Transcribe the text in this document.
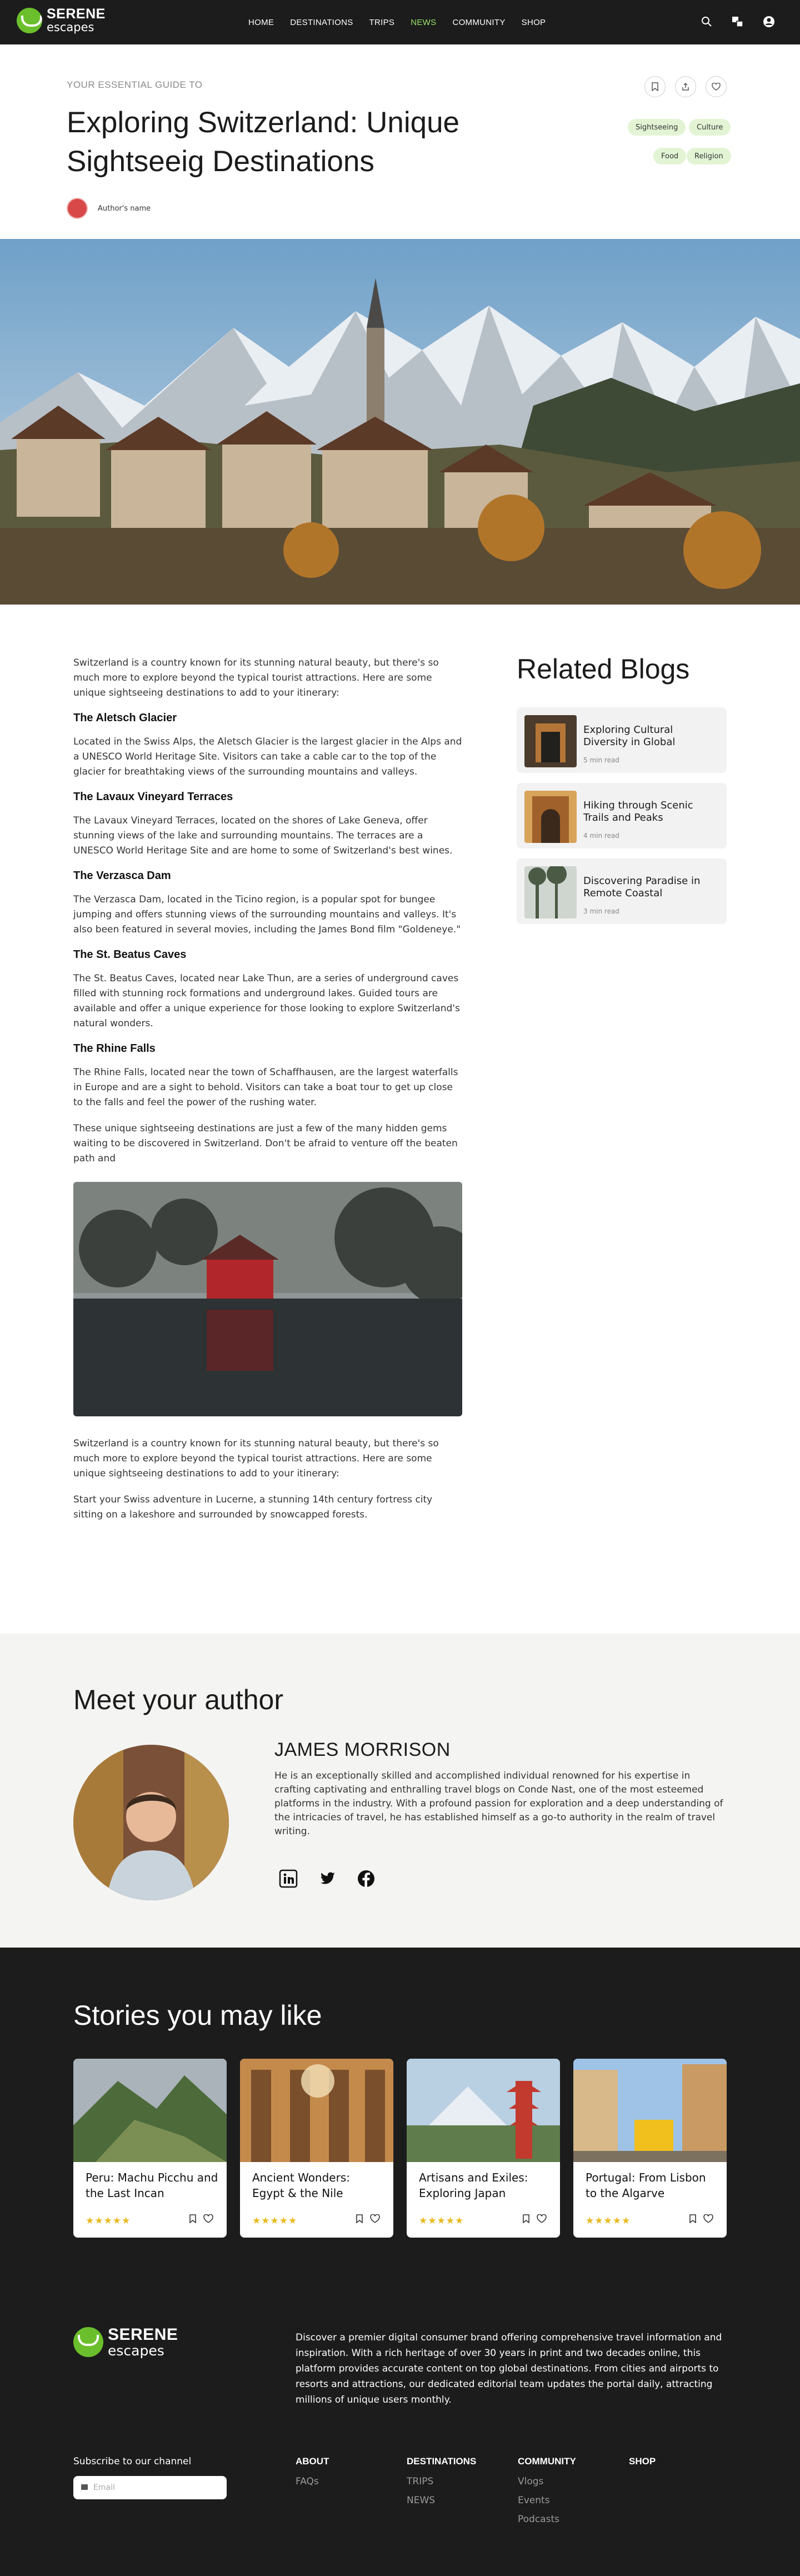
SERENE
escapes	HOME DESTINATIONS TRIPS NEWS COMMUNITY SHOP
YOUR ESSENTIAL GUIDE TO
Exploring Switzerland: Unique Sightseeig Destinations
Author's name
Sightseeing	Culture
Food	Religion

Switzerland is a country known for its stunning natural beauty, but there's so much more to explore beyond the typical tourist attractions. Here are some unique sightseeing destinations to add to your itinerary:

The Aletsch Glacier

Located in the Swiss Alps, the Aletsch Glacier is the largest glacier in the Alps and a UNESCO World Heritage Site. Visitors can take a cable car to the top of the glacier for breathtaking views of the surrounding mountains and valleys.

The Lavaux Vineyard Terraces

The Lavaux Vineyard Terraces, located on the shores of Lake Geneva, offer stunning views of the lake and surrounding mountains. The terraces are a UNESCO World Heritage Site and are home to some of Switzerland's best wines.

The Verzasca Dam

The Verzasca Dam, located in the Ticino region, is a popular spot for bungee jumping and offers stunning views of the surrounding mountains and valleys. It's also been featured in several movies, including the James Bond film "Goldeneye."

The St. Beatus Caves

The St. Beatus Caves, located near Lake Thun, are a series of underground caves filled with stunning rock formations and underground lakes. Guided tours are available and offer a unique experience for those looking to explore Switzerland's natural wonders.

The Rhine Falls

The Rhine Falls, located near the town of Schaffhausen, are the largest waterfalls in Europe and are a sight to behold. Visitors can take a boat tour to get up close to the falls and feel the power of the rushing water.

These unique sightseeing destinations are just a few of the many hidden gems waiting to be discovered in Switzerland. Don't be afraid to venture off the beaten path and

Switzerland is a country known for its stunning natural beauty, but there's so much more to explore beyond the typical tourist attractions. Here are some unique sightseeing destinations to add to your itinerary:

Start your Swiss adventure in Lucerne, a stunning 14th century fortress city sitting on a lakeshore and surrounded by snowcapped forests.

Related Blogs
Exploring Cultural Diversity in Global
5 min read
Hiking through Scenic Trails and Peaks
4 min read
Discovering Paradise in Remote Coastal
3 min read
Meet your author
JAMES MORRISON

He is an exceptionally skilled and accomplished individual renowned for his expertise in crafting captivating and enthralling travel blogs on Conde Nast, one of the most esteemed platforms in the industry. With a profound passion for exploration and a deep understanding of the intricacies of travel, he has established himself as a go-to authority in the realm of travel writing.

Stories you may like
Peru: Machu Picchu and the Last Incan
★★★★★
Ancient Wonders: Egypt & the Nile
★★★★★
Artisans and Exiles: Exploring Japan
★★★★★
Portugal: From Lisbon to the Algarve
★★★★★
SERENE
escapes

Discover a premier digital consumer brand offering comprehensive travel information and inspiration. With a rich heritage of over 30 years in print and two decades online, this platform provides accurate content on top global destinations. From cities and airports to resorts and attractions, our dedicated editorial team updates the portal daily, attracting millions of unique users monthly.

Subscribe to our channel
Email
ABOUT
FAQs
DESTINATIONS
TRIPS
NEWS
COMMUNITY
Vlogs
Events
Podcasts
SHOP
